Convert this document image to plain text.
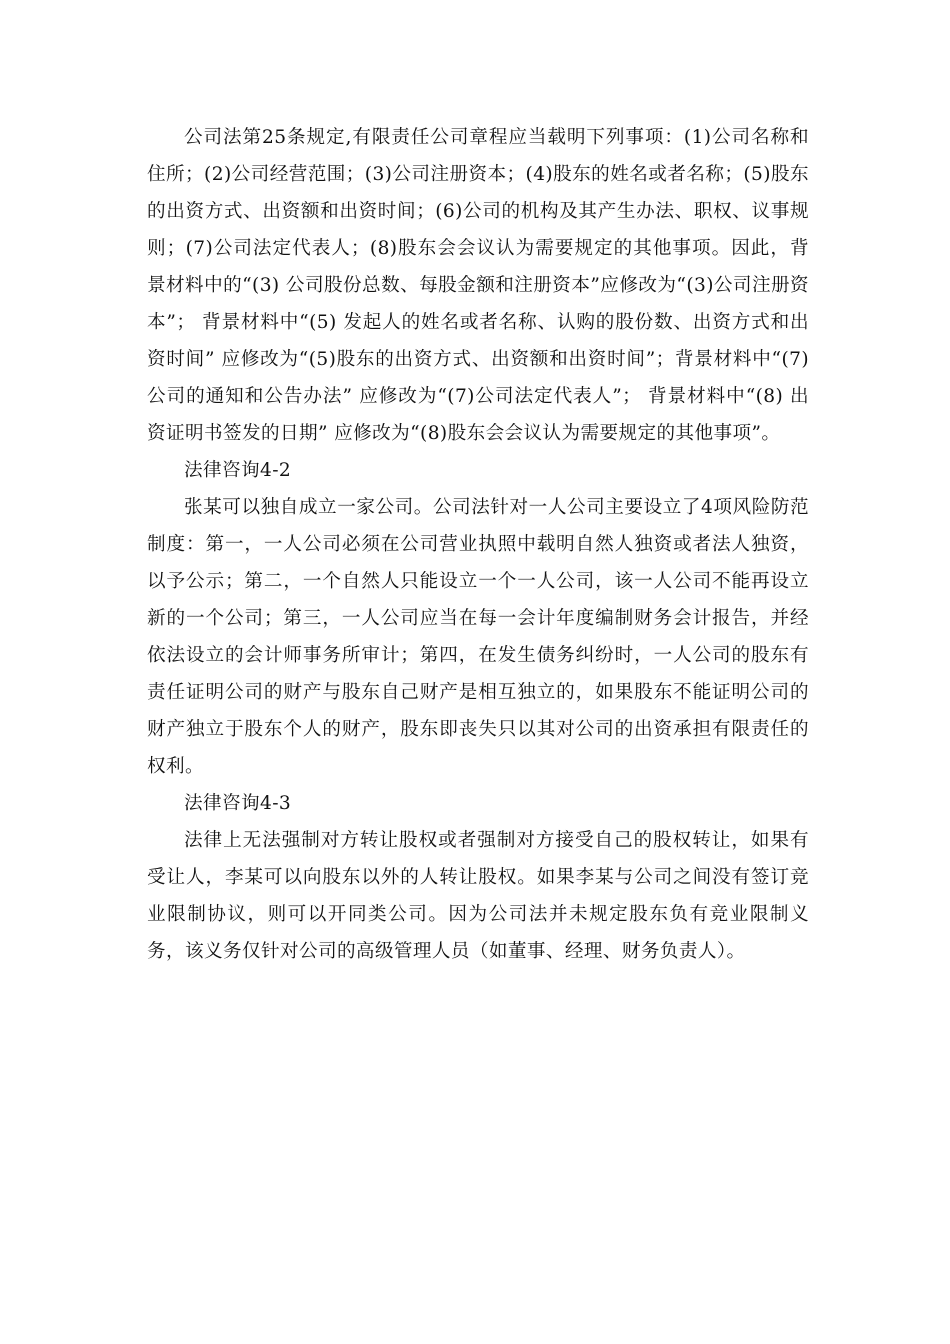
公司法第25条规定,有限责任公司章程应当载明下列事项：(1)公司名称和住所；(2)公司经营范围；(3)公司注册资本；(4)股东的姓名或者名称；(5)股东的出资方式、出资额和出资时间；(6)公司的机构及其产生办法、职权、议事规则；(7)公司法定代表人；(8)股东会会议认为需要规定的其他事项。因此，背景材料中的“(3) 公司股份总数、每股金额和注册资本”应修改为“(3)公司注册资本”； 背景材料中“(5) 发起人的姓名或者名称、认购的股份数、出资方式和出资时间” 应修改为“(5)股东的出资方式、出资额和出资时间”；背景材料中“(7) 公司的通知和公告办法” 应修改为“(7)公司法定代表人”； 背景材料中“(8) 出资证明书签发的日期” 应修改为“(8)股东会会议认为需要规定的其他事项”。

法律咨询4-2

张某可以独自成立一家公司。公司法针对一人公司主要设立了4项风险防范制度：第一，一人公司必须在公司营业执照中载明自然人独资或者法人独资，以予公示；第二，一个自然人只能设立一个一人公司，该一人公司不能再设立新的一个公司；第三，一人公司应当在每一会计年度编制财务会计报告，并经依法设立的会计师事务所审计；第四，在发生债务纠纷时，一人公司的股东有责任证明公司的财产与股东自己财产是相互独立的，如果股东不能证明公司的财产独立于股东个人的财产，股东即丧失只以其对公司的出资承担有限责任的权利。

法律咨询4-3

法律上无法强制对方转让股权或者强制对方接受自己的股权转让，如果有受让人，李某可以向股东以外的人转让股权。如果李某与公司之间没有签订竞业限制协议，则可以开同类公司。因为公司法并未规定股东负有竞业限制义务，该义务仅针对公司的高级管理人员（如董事、经理、财务负责人）。
